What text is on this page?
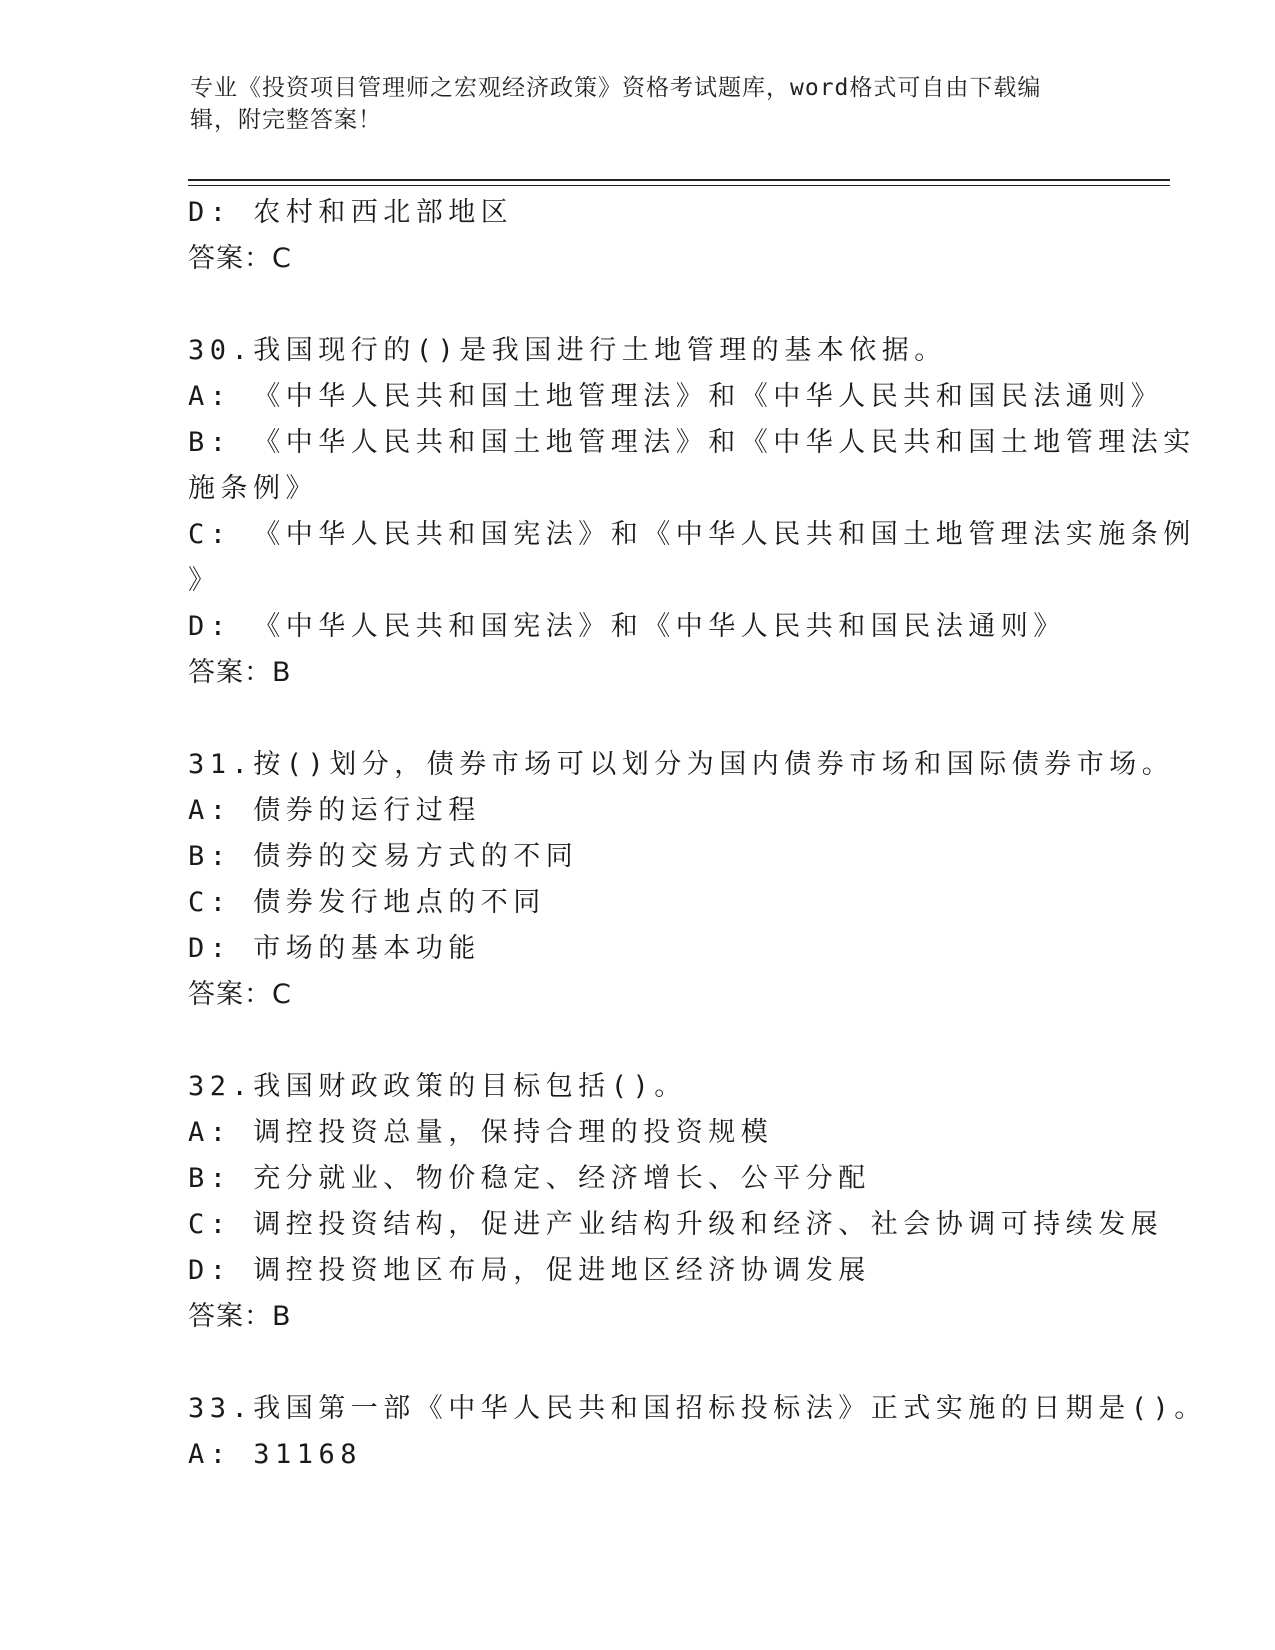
专业《投资项目管理师之宏观经济政策》资格考试题库，word格式可自由下载编
辑，附完整答案！
D: 农村和西北部地区
答案：C
30.我国现行的()是我国进行土地管理的基本依据。
A: 《中华人民共和国土地管理法》和《中华人民共和国民法通则》
B: 《中华人民共和国土地管理法》和《中华人民共和国土地管理法实
施条例》
C: 《中华人民共和国宪法》和《中华人民共和国土地管理法实施条例
》
D: 《中华人民共和国宪法》和《中华人民共和国民法通则》
答案：B
31.按()划分，债券市场可以划分为国内债券市场和国际债券市场。
A: 债券的运行过程
B: 债券的交易方式的不同
C: 债券发行地点的不同
D: 市场的基本功能
答案：C
32.我国财政政策的目标包括()。
A: 调控投资总量，保持合理的投资规模
B: 充分就业、物价稳定、经济增长、公平分配
C: 调控投资结构，促进产业结构升级和经济、社会协调可持续发展
D: 调控投资地区布局，促进地区经济协调发展
答案：B
33.我国第一部《中华人民共和国招标投标法》正式实施的日期是()。
A: 31168
